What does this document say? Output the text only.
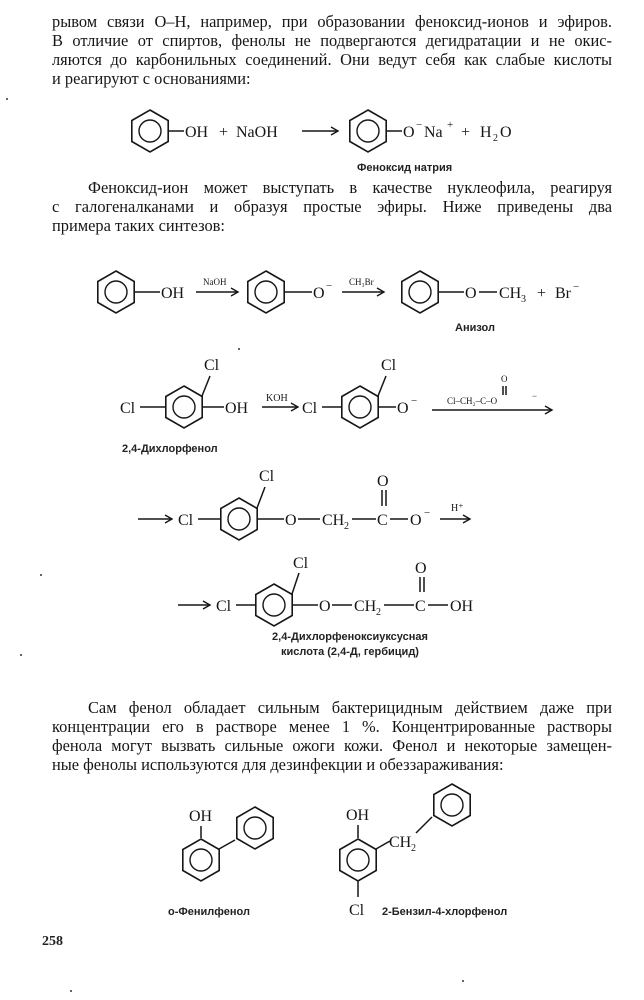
рывом связи O–H, например, при образовании феноксид-ионов и эфиров.
В отличие от спиртов, фенолы не подвергаются дегидратации и не окис-
ляются до карбонильных соединений. Они ведут себя как слабые кислоты
и реагируют с основаниями:
OH + NaOH	O − Na + + H 2 O
Феноксид натрия
Феноксид-ион может выступать в качестве нуклеофила, реагируя
с галогеналканами и образуя простые эфиры. Ниже приведены два
примера таких синтезов:
OH
NaOH
O − CH₃Br
O CH 3 + Br −
Анизол
Cl
Cl	OH
KOH
Cl
Cl	O −	Cl–CH₂–C–O	−
O
2,4-Дихлорфенол
Cl
Cl
O CH 2 C
O
O − H⁺
Cl
Cl
O CH 2 C
O
OH
2,4-Дихлорфеноксиуксусная
кислота (2,4-Д, гербицид)
Сам фенол обладает сильным бактерицидным действием даже при
концентрации его в растворе менее 1 %. Концентрированные растворы
фенола могут вызвать сильные ожоги кожи. Фенол и некоторые замещен-
ные фенолы используются для дезинфекции и обеззараживания:
OH
о-Фенилфенол
OH
CH 2
Cl 2-Бензил-4-хлорфенол
258
